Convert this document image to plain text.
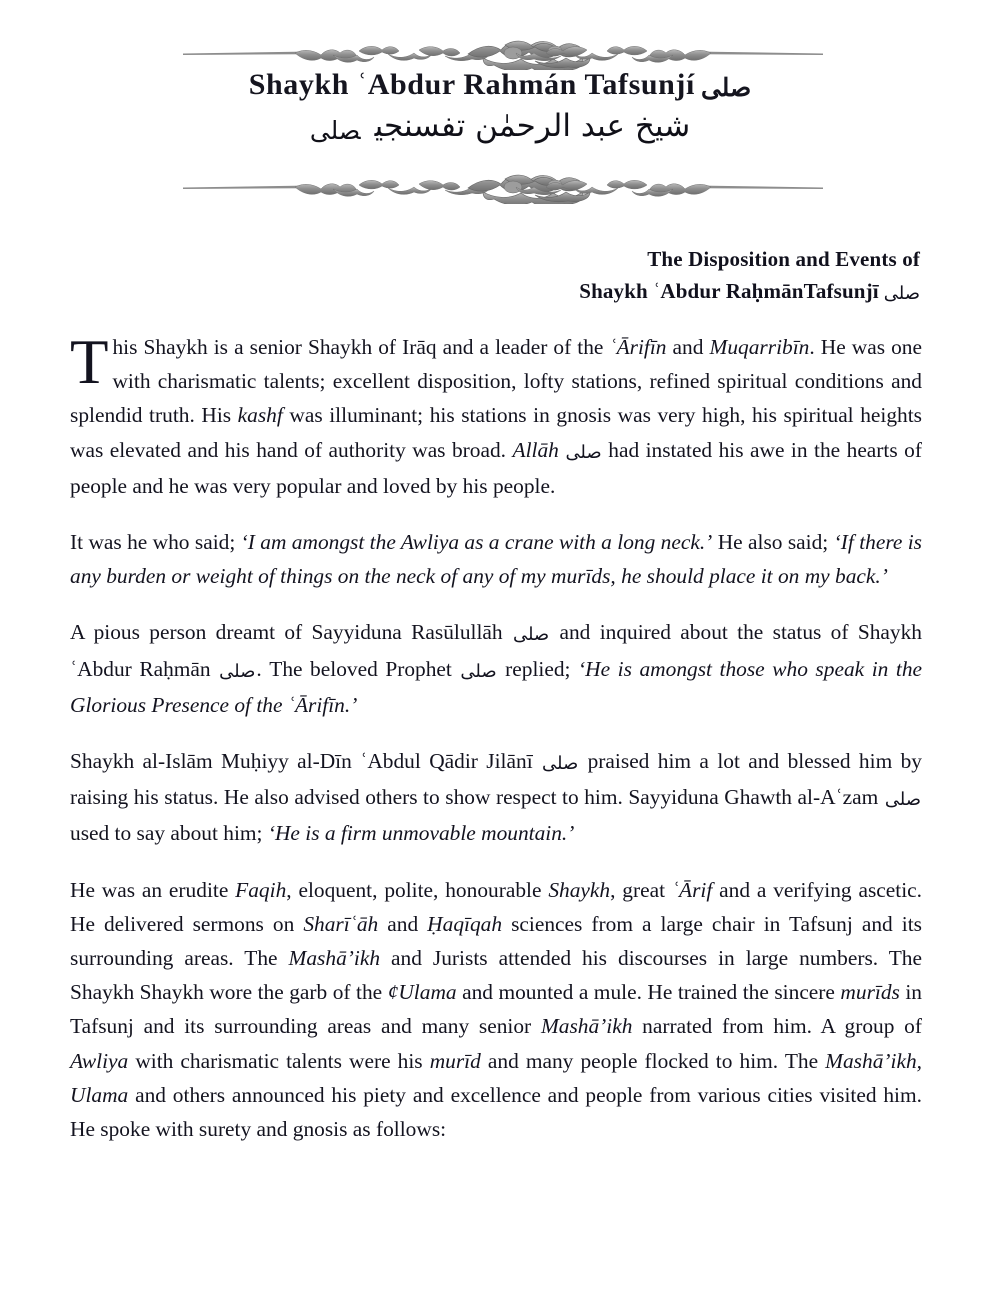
Shaykh ʿAbdur Rahmán Tafsunjí صلى
شيخ عبد الرحمٰن تفسنجيصلى
The Disposition and Events of
Shaykh ʿAbdur RaḥmānTafsunjī صلى

This Shaykh is a senior Shaykh of Irāq and a leader of the ʿĀrifīn and Muqarribīn. He was one with charismatic talents; excellent disposition, lofty stations, refined spiritual conditions and splendid truth. His kashf was illuminant; his stations in gnosis was very high, his spiritual heights was elevated and his hand of authority was broad. Allāh صلى had instated his awe in the hearts of people and he was very popular and loved by his people.

It was he who said; ‘I am amongst the Awliya as a crane with a long neck.’ He also said; ‘If there is any burden or weight of things on the neck of any of my murīds, he should place it on my back.’

A pious person dreamt of Sayyiduna Rasūlullāh صلى and inquired about the status of Shaykh ʿAbdur Raḥmān صلى. The beloved Prophet صلى replied; ‘He is amongst those who speak in the Glorious Presence of the ʿĀrifīn.’

Shaykh al-Islām Muḥiyy al-Dīn ʿAbdul Qādir Jilānī صلى praised him a lot and blessed him by raising his status. He also advised others to show respect to him. Sayyiduna Ghawth al-Aʿzam صلى used to say about him; ‘He is a firm unmovable mountain.’

He was an erudite Faqih, eloquent, polite, honourable Shaykh, great ʿĀrif and a verifying ascetic. He delivered sermons on Sharīʿāh and Ḥaqīqah sciences from a large chair in Tafsunj and its surrounding areas. The Mashā’ikh and Jurists attended his discourses in large numbers. The Shaykh Shaykh wore the garb of the ¢Ulama and mounted a mule. He trained the sincere murīds in Tafsunj and its surrounding areas and many senior Mashā’ikh narrated from him. A group of Awliya with charismatic talents were his murīd and many people flocked to him. The Mashā’ikh, Ulama and others announced his piety and excellence and people from various cities visited him. He spoke with surety and gnosis as follows:
